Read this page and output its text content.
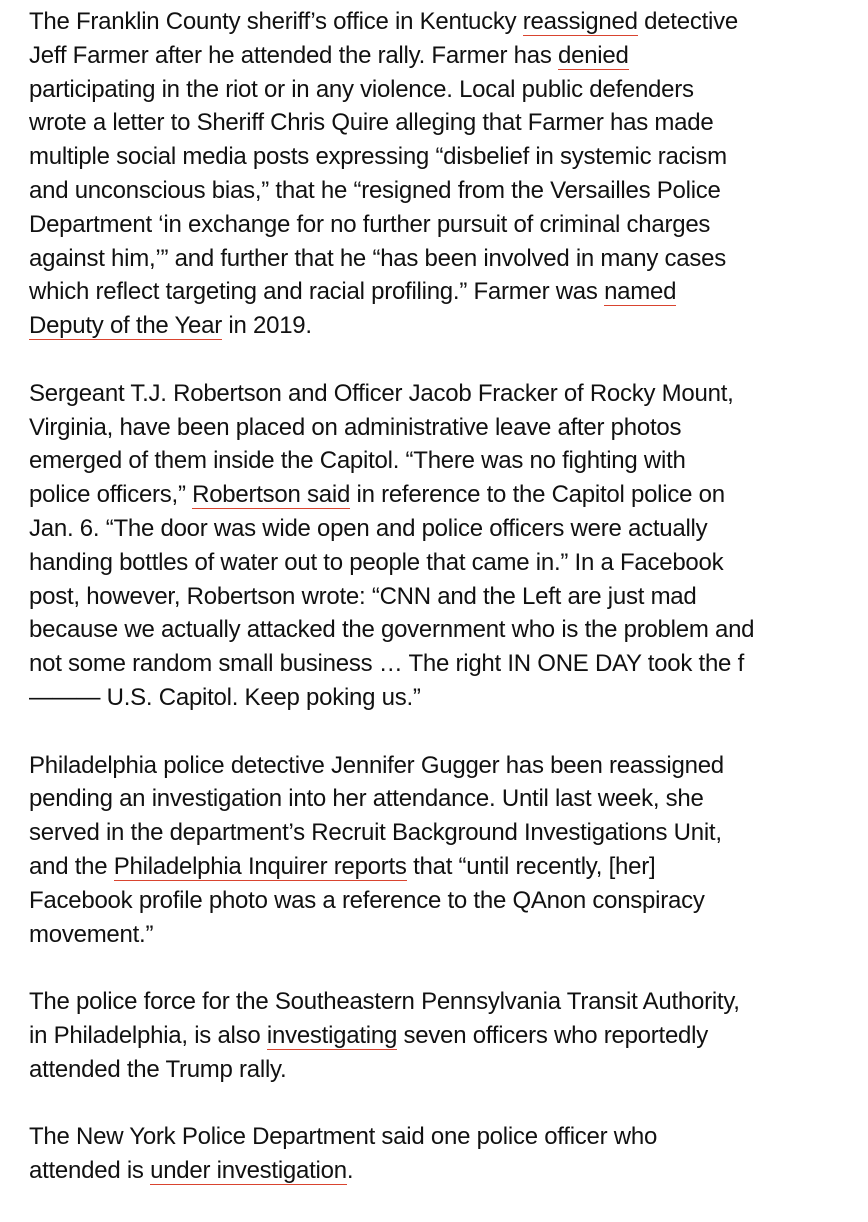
The Franklin County sheriff’s office in Kentucky reassigned detective
Jeff Farmer after he attended the rally. Farmer has denied
participating in the riot or in any violence. Local public defenders
wrote a letter to Sheriff Chris Quire alleging that Farmer has made
multiple social media posts expressing “disbelief in systemic racism
and unconscious bias,” that he “resigned from the Versailles Police
Department ‘in exchange for no further pursuit of criminal charges
against him,’” and further that he “has been involved in many cases
which reflect targeting and racial profiling.” Farmer was named
Deputy of the Year in 2019.

Sergeant T.J. Robertson and Officer Jacob Fracker of Rocky Mount,
Virginia, have been placed on administrative leave after photos
emerged of them inside the Capitol. “There was no fighting with
police officers,” Robertson said in reference to the Capitol police on
Jan. 6. “The door was wide open and police officers were actually
handing bottles of water out to people that came in.” In a Facebook
post, however, Robertson wrote: “CNN and the Left are just mad
because we actually attacked the government who is the problem and
not some random small business … The right IN ONE DAY took the f
——— U.S. Capitol. Keep poking us.”

Philadelphia police detective Jennifer Gugger has been reassigned
pending an investigation into her attendance. Until last week, she
served in the department’s Recruit Background Investigations Unit,
and the Philadelphia Inquirer reports that “until recently, [her]
Facebook profile photo was a reference to the QAnon conspiracy
movement.”

The police force for the Southeastern Pennsylvania Transit Authority,
in Philadelphia, is also investigating seven officers who reportedly
attended the Trump rally.

The New York Police Department said one police officer who
attended is under investigation.
